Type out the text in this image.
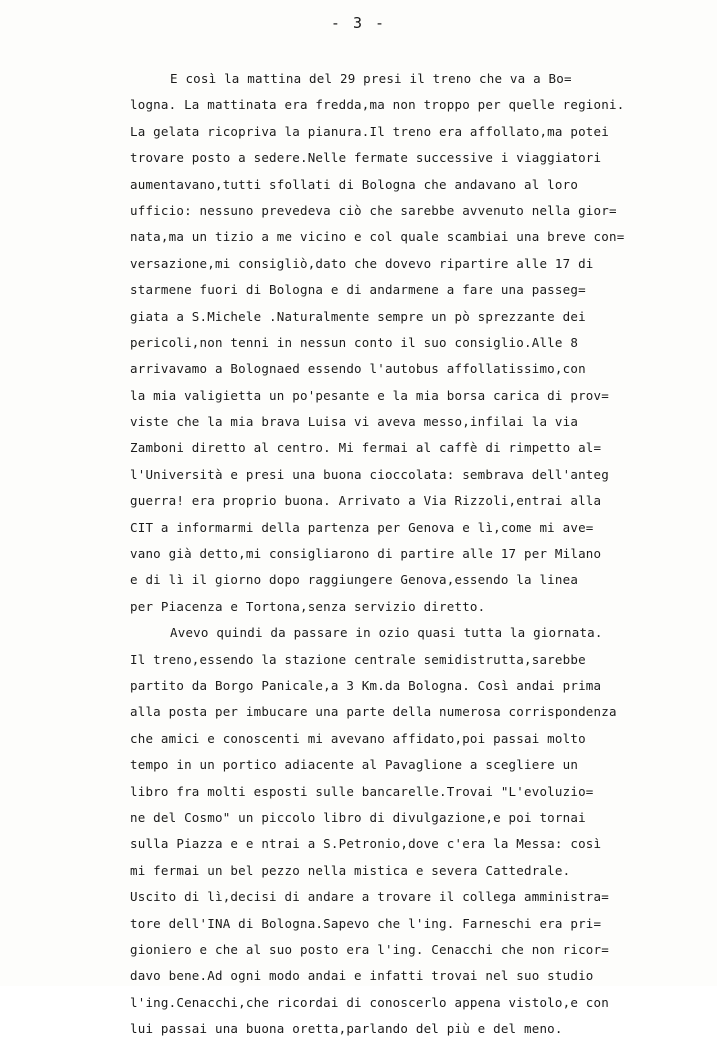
- 3 -
E così la mattina del 29 presi il treno che va a Bo=
logna. La mattinata era fredda,ma non troppo per quelle regioni.
La gelata ricopriva la pianura.Il treno era affollato,ma potei
trovare posto a sedere.Nelle fermate successive i viaggiatori
aumentavano,tutti sfollati di Bologna che andavano al loro
ufficio: nessuno prevedeva ciò che sarebbe avvenuto nella gior=
nata,ma un tizio a me vicino e col quale scambiai una breve con=
versazione,mi consigliò,dato che dovevo ripartire alle 17 di
starmene fuori di Bologna e di andarmene a fare una passeg=
giata a S.Michele .Naturalmente sempre un pò sprezzante dei
pericoli,non tenni in nessun conto il suo consiglio.Alle 8
arrivavamo a Bolognaed essendo l'autobus affollatissimo,con
la mia valigietta un po'pesante e la mia borsa carica di prov=
viste che la mia brava Luisa vi aveva messo,infilai la via
Zamboni diretto al centro. Mi fermai al caffè di rimpetto al=
l'Università e presi una buona cioccolata: sembrava dell'anteg
guerra! era proprio buona. Arrivato a Via Rizzoli,entrai alla
CIT a informarmi della partenza per Genova e lì,come mi ave=
vano già detto,mi consigliarono di partire alle 17 per Milano
e di lì il giorno dopo raggiungere Genova,essendo la linea
per Piacenza e Tortona,senza servizio diretto.
Avevo quindi da passare in ozio quasi tutta la giornata.
Il treno,essendo la stazione centrale semidistrutta,sarebbe
partito da Borgo Panicale,a 3 Km.da Bologna. Così andai prima
alla posta per imbucare una parte della numerosa corrispondenza
che amici e conoscenti mi avevano affidato,poi passai molto
tempo in un portico adiacente al Pavaglione a scegliere un
libro fra molti esposti sulle bancarelle.Trovai "L'evoluzio=
ne del Cosmo" un piccolo libro di divulgazione,e poi tornai
sulla Piazza e e ntrai a S.Petronio,dove c'era la Messa: così
mi fermai un bel pezzo nella mistica e severa Cattedrale.
Uscito di lì,decisi di andare a trovare il collega amministra=
tore dell'INA di Bologna.Sapevo che l'ing. Farneschi era pri=
gioniero e che al suo posto era l'ing. Cenacchi che non ricor=
davo bene.Ad ogni modo andai e infatti trovai nel suo studio
l'ing.Cenacchi,che ricordai di conoscerlo appena vistolo,e con
lui passai una buona oretta,parlando del più e del meno.
